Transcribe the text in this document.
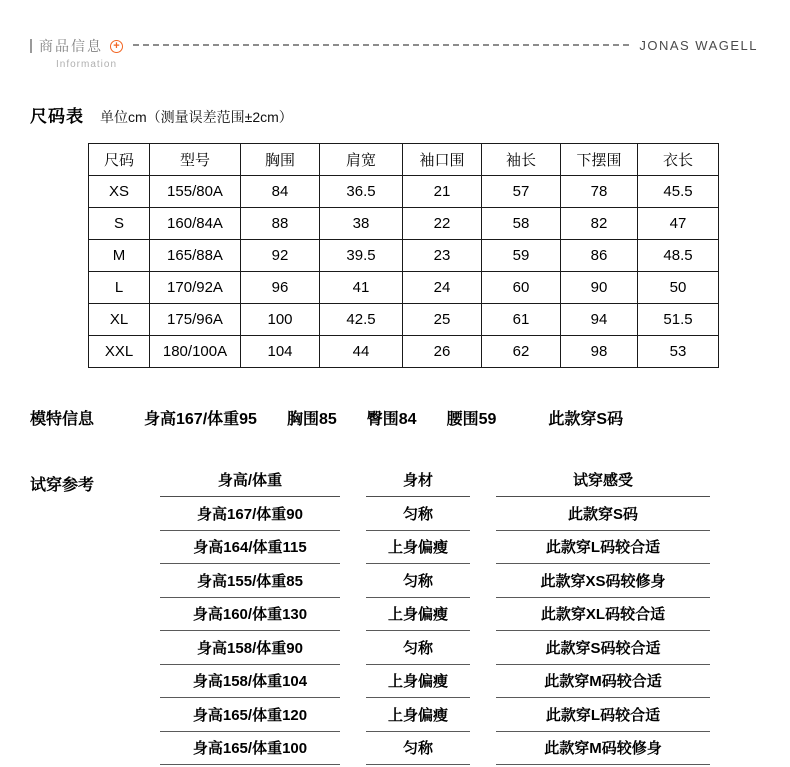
商品信息 +
Information
JONAS WAGELL
尺码表 单位cm（测量误差范围±2cm）
尺码	型号	胸围	肩宽	袖口围	袖长	下摆围	衣长
XS	155/80A	84	36.5	21	57	78	45.5
S	160/84A	88	38	22	58	82	47
M	165/88A	92	39.5	23	59	86	48.5
L	170/92A	96	41	24	60	90	50
XL	175/96A	100	42.5	25	61	94	51.5
XXL	180/100A	104	44	26	62	98	53
模特信息	身高167/体重95 胸围85 臀围84 腰围59	此款穿S码
试穿参考	身高/体重	身材	试穿感受
身高167/体重90	匀称	此款穿S码
身高164/体重115	上身偏瘦	此款穿L码较合适
身高155/体重85	匀称	此款穿XS码较修身
身高160/体重130	上身偏瘦	此款穿XL码较合适
身高158/体重90	匀称	此款穿S码较合适
身高158/体重104	上身偏瘦	此款穿M码较合适
身高165/体重120	上身偏瘦	此款穿L码较合适
身高165/体重100	匀称	此款穿M码较修身
